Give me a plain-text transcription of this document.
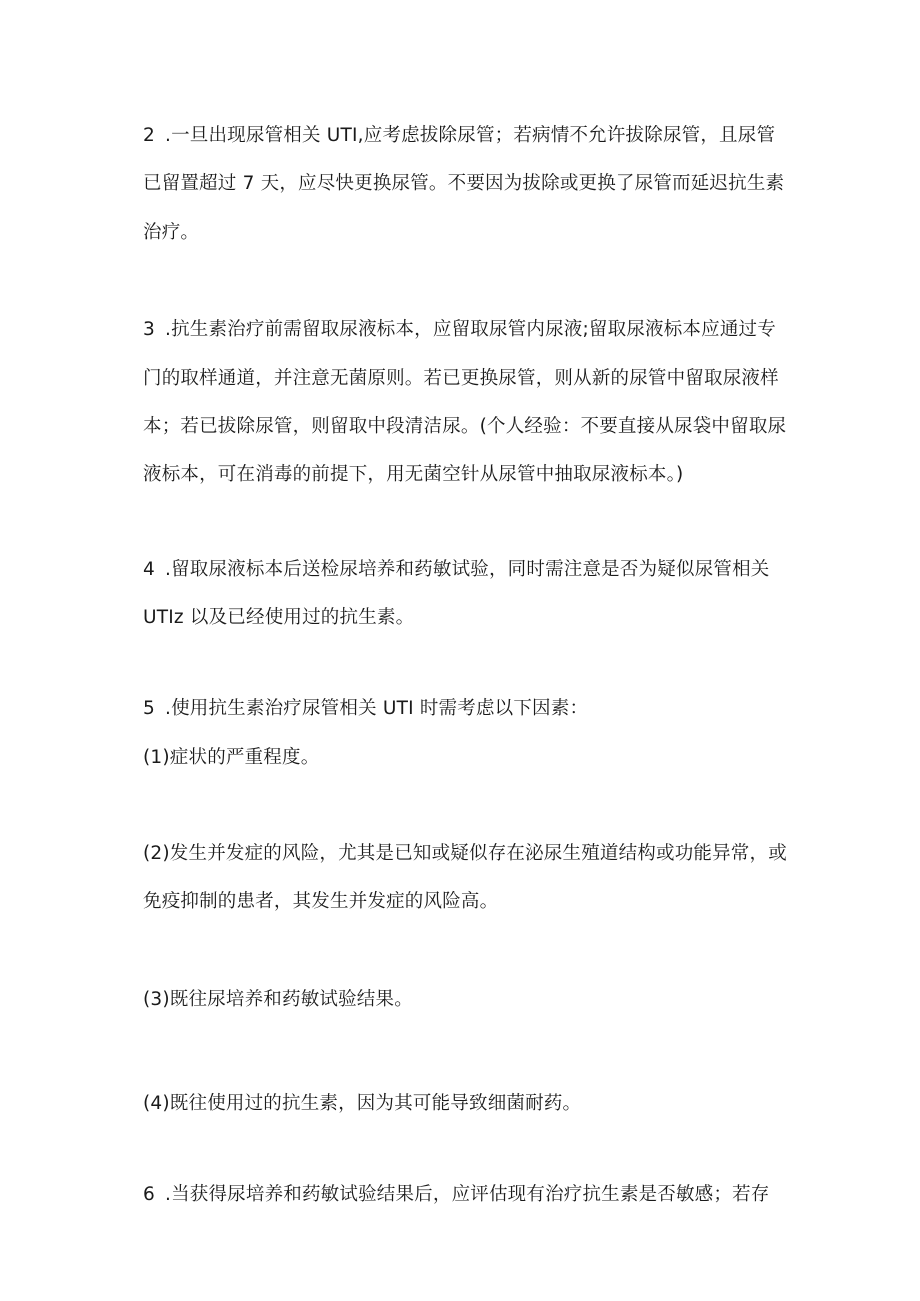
2 .一旦出现尿管相关 UTI,应考虑拔除尿管；若病情不允许拔除尿管，且尿管

已留置超过 7 天，应尽快更换尿管。不要因为拔除或更换了尿管而延迟抗生素

治疗。

3 .抗生素治疗前需留取尿液标本，应留取尿管内尿液;留取尿液标本应通过专

门的取样通道，并注意无菌原则。若已更换尿管，则从新的尿管中留取尿液样

本；若已拔除尿管，则留取中段清洁尿。(个人经验：不要直接从尿袋中留取尿

液标本，可在消毒的前提下，用无菌空针从尿管中抽取尿液标本。)

4 .留取尿液标本后送检尿培养和药敏试验，同时需注意是否为疑似尿管相关

UTIz 以及已经使用过的抗生素。

5 .使用抗生素治疗尿管相关 UTI 时需考虑以下因素：

(1)症状的严重程度。

(2)发生并发症的风险，尤其是已知或疑似存在泌尿生殖道结构或功能异常，或

免疫抑制的患者，其发生并发症的风险高。

(3)既往尿培养和药敏试验结果。

(4)既往使用过的抗生素，因为其可能导致细菌耐药。

6 .当获得尿培养和药敏试验结果后，应评估现有治疗抗生素是否敏感；若存
